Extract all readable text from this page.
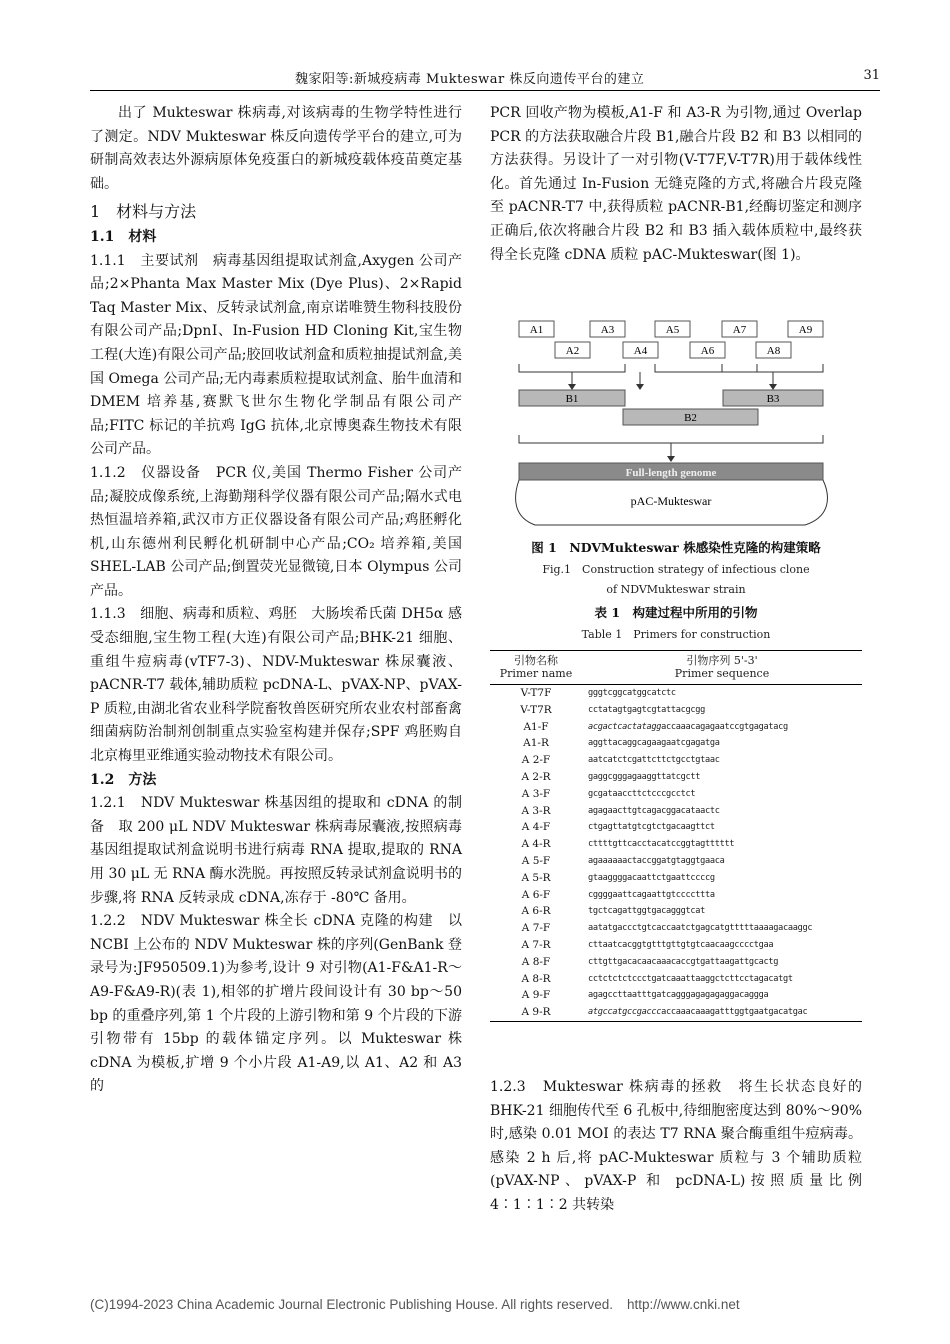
魏家阳等:新城疫病毒 Mukteswar 株反向遗传平台的建立	31

出了 Mukteswar 株病毒,对该病毒的生物学特性进行了测定。NDV Mukteswar 株反向遗传学平台的建立,可为研制高效表达外源病原体免疫蛋白的新城疫载体疫苗奠定基础。

1　材料与方法

1.1　材料

1.1.1　主要试剂　 病毒基因组提取试剂盒,Axygen 公司产品;2×Phanta Max Master Mix (Dye Plus)、2×Rapid Taq Master Mix、反转录试剂盒,南京诺唯赞生物科技股份有限公司产品;DpnⅠ、In-Fusion HD Cloning Kit,宝生物工程(大连)有限公司产品;胶回收试剂盒和质粒抽提试剂盒,美国 Omega 公司产品;无内毒素质粒提取试剂盒、胎牛血清和 DMEM 培养基,赛默飞世尔生物化学制品有限公司产品;FITC 标记的羊抗鸡 IgG 抗体,北京博奥森生物技术有限公司产品。

1.1.2　仪器设备　 PCR 仪,美国 Thermo Fisher 公司产品;凝胶成像系统,上海勤翔科学仪器有限公司产品;隔水式电热恒温培养箱,武汉市方正仪器设备有限公司产品;鸡胚孵化机,山东德州利民孵化机研制中心产品;CO₂ 培养箱,美国 SHEL-LAB 公司产品;倒置荧光显微镜,日本 Olympus 公司产品。

1.1.3　细胞、病毒和质粒、鸡胚　 大肠埃希氏菌 DH5α 感受态细胞,宝生物工程(大连)有限公司产品;BHK-21 细胞、重组牛痘病毒(vTF7-3)、NDV-Mukteswar 株尿囊液、pACNR-T7 载体,辅助质粒 pcDNA-L、pVAX-NP、pVAX-P 质粒,由湖北省农业科学院畜牧兽医研究所农业农村部畜禽细菌病防治制剂创制重点实验室构建并保存;SPF 鸡胚购自北京梅里亚维通实验动物技术有限公司。

1.2　方法

1.2.1　NDV Mukteswar 株基因组的提取和 cDNA 的制备　 取 200 μL NDV Mukteswar 株病毒尿囊液,按照病毒基因组提取试剂盒说明书进行病毒 RNA 提取,提取的 RNA 用 30 μL 无 RNA 酶水洗脱。再按照反转录试剂盒说明书的步骤,将 RNA 反转录成 cDNA,冻存于 -80℃ 备用。

1.2.2　NDV Mukteswar 株全长 cDNA 克隆的构建　 以 NCBI 上公布的 NDV Mukteswar 株的序列(GenBank 登录号为:JF950509.1)为参考,设计 9 对引物(A1-F&A1-R～A9-F&A9-R)(表 1),相邻的扩增片段间设计有 30 bp～50 bp 的重叠序列,第 1 个片段的上游引物和第 9 个片段的下游引物带有 15bp 的载体锚定序列。以 Mukteswar 株 cDNA 为模板,扩增 9 个小片段 A1-A9,以 A1、A2 和 A3 的

PCR 回收产物为模板,A1-F 和 A3-R 为引物,通过 Overlap PCR 的方法获取融合片段 B1,融合片段 B2 和 B3 以相同的方法获得。另设计了一对引物(V-T7F,V-T7R)用于载体线性化。首先通过 In-Fusion 无缝克隆的方式,将融合片段克隆至 pACNR-T7 中,获得质粒 pACNR-B1,经酶切鉴定和测序正确后,依次将融合片段 B2 和 B3 插入载体质粒中,最终获得全长克隆 cDNA 质粒 pAC-Mukteswar(图 1)。

A1	A3	A5	A7	A9
A2	A4	A6	A8
B1
B2
B3
Full-length genome
pAC-Mukteswar
图 1　NDVMukteswar 株感染性克隆的构建策略
Fig.1　Construction strategy of infectious clone
of NDVMukteswar strain
表 1　构建过程中所用的引物
Table 1　Primers for construction
引物名称
Primer name	引物序列 5'-3'
Primer sequence
V-T7F	gggtcggcatggcatctc
V-T7R	cctatagtgagtcgtattacgcgg
A1-F	acgactcactataggaccaaacagagaatccgtgagatacg
A1-R	aggttacaggcagaagaatcgagatga
A 2-F	aatcatctcgattcttctgcctgtaac
A 2-R	gaggcgggagaaggttatcgctt
A 3-F	gcgataaccttctcccgcctct
A 3-R	agagaacttgtcagacggacataactc
A 4-F	ctgagttatgtcgtctgacaagttct
A 4-R	cttttgttcacctacatccggtagtttttt
A 5-F	agaaaaaactaccggatgtaggtgaaca
A 5-R	gtaaggggacaattctgaattccccg
A 6-F	cggggaattcagaattgtccccttta
A 6-R	tgctcagattggtgacagggtcat
A 7-F	aatatgaccctgtcaccaatctgagcatgtttttaaaagacaaggc
A 7-R	cttaatcacggtgtttgttgtgtcaacaagcccctgaa
A 8-F	cttgttgacacaacaaacaccgtgattaagattgcactg
A 8-R	cctctctctccctgatcaaattaaggctcttcctagacatgt
A 9-F	agagccttaatttgatcagggagagagaggacaggga
A 9-R	atgccatgccgacccaccaaacaaagatttggtgaatgacatgac

1.2.3　Mukteswar 株病毒的拯救　 将生长状态良好的 BHK-21 细胞传代至 6 孔板中,待细胞密度达到 80%～90%时,感染 0.01 MOI 的表达 T7 RNA 聚合酶重组牛痘病毒。感染 2 h 后,将 pAC-Mukteswar 质粒与 3 个辅助质粒(pVAX-NP、pVAX-P 和 pcDNA-L)按照质量比例 4∶1∶1∶2 共转染

(C)1994-2023 China Academic Journal Electronic Publishing House. All rights reserved. http://www.cnki.net
